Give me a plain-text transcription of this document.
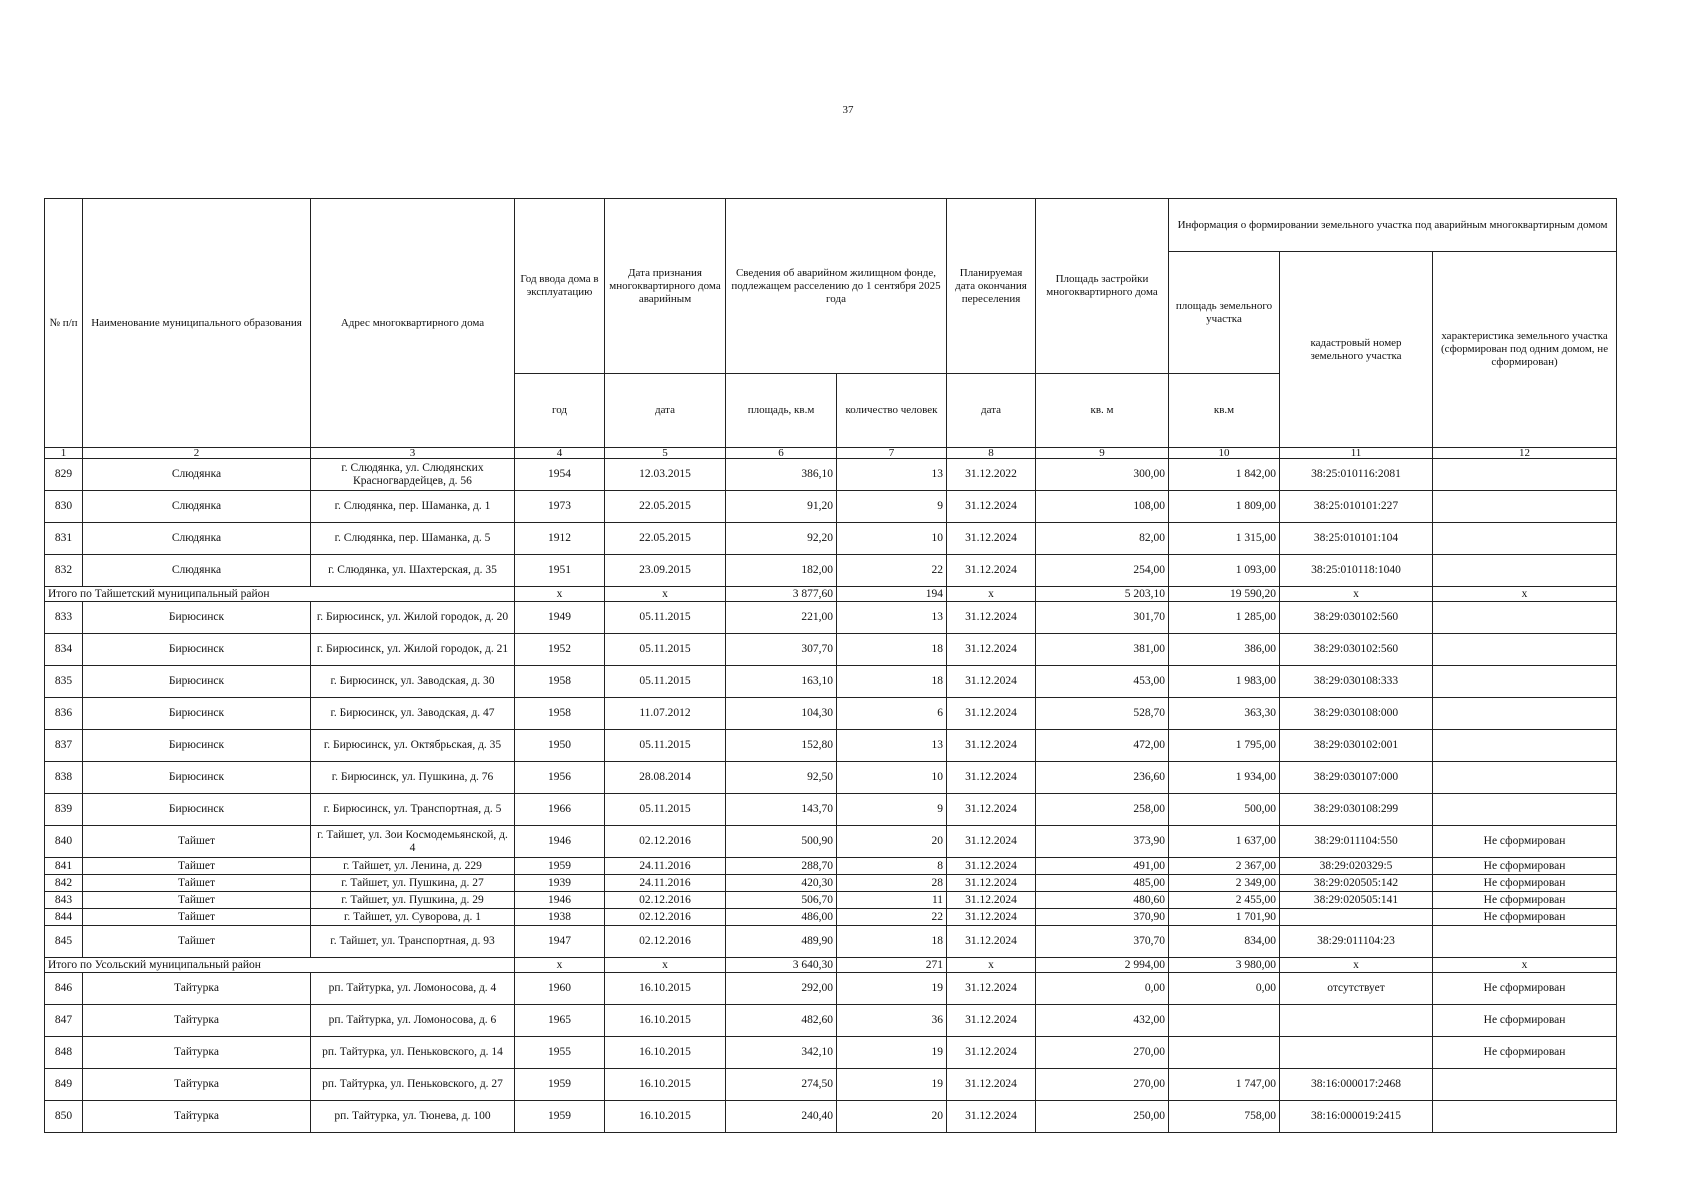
37
№ п/п	Наименование муниципального образования	Адрес многоквартирного дома	Год ввода дома в эксплуатацию	Дата признания многоквартирного дома аварийным	Сведения об аварийном жилищном фонде, подлежащем расселению до 1 сентября 2025 года		Планируемая дата окончания переселения	Площадь застройки многоквартирного дома	Информация о формировании земельного участка под аварийным многоквартирным домом		
									площадь земельного участка	кадастровый номер земельного участка	характеристика земельного участка (сформирован под одним домом, не сформирован)
			год	дата	площадь, кв.м	количество человек	дата	кв. м	кв.м		
1	2	3	4	5	6	7	8	9	10	11	12
829	Слюдянка	г. Слюдянка, ул. Слюдянских Красногвардейцев, д. 56	1954	12.03.2015	386,10	13	31.12.2022	300,00	1 842,00	38:25:010116:2081	
830	Слюдянка	г. Слюдянка, пер. Шаманка, д. 1	1973	22.05.2015	91,20	9	31.12.2024	108,00	1 809,00	38:25:010101:227	
831	Слюдянка	г. Слюдянка, пер. Шаманка, д. 5	1912	22.05.2015	92,20	10	31.12.2024	82,00	1 315,00	38:25:010101:104	
832	Слюдянка	г. Слюдянка, ул. Шахтерская, д. 35	1951	23.09.2015	182,00	22	31.12.2024	254,00	1 093,00	38:25:010118:1040	
Итого по Тайшетский муниципальный район			x	x	3 877,60	194	x	5 203,10	19 590,20	x	x
833	Бирюсинск	г. Бирюсинск, ул. Жилой городок, д. 20	1949	05.11.2015	221,00	13	31.12.2024	301,70	1 285,00	38:29:030102:560	
834	Бирюсинск	г. Бирюсинск, ул. Жилой городок, д. 21	1952	05.11.2015	307,70	18	31.12.2024	381,00	386,00	38:29:030102:560	
835	Бирюсинск	г. Бирюсинск, ул. Заводская, д. 30	1958	05.11.2015	163,10	18	31.12.2024	453,00	1 983,00	38:29:030108:333	
836	Бирюсинск	г. Бирюсинск, ул. Заводская, д. 47	1958	11.07.2012	104,30	6	31.12.2024	528,70	363,30	38:29:030108:000	
837	Бирюсинск	г. Бирюсинск, ул. Октябрьская, д. 35	1950	05.11.2015	152,80	13	31.12.2024	472,00	1 795,00	38:29:030102:001	
838	Бирюсинск	г. Бирюсинск, ул. Пушкина, д. 76	1956	28.08.2014	92,50	10	31.12.2024	236,60	1 934,00	38:29:030107:000	
839	Бирюсинск	г. Бирюсинск, ул. Транспортная, д. 5	1966	05.11.2015	143,70	9	31.12.2024	258,00	500,00	38:29:030108:299	
840	Тайшет	г. Тайшет, ул. Зои Космодемьянской, д. 4	1946	02.12.2016	500,90	20	31.12.2024	373,90	1 637,00	38:29:011104:550	Не сформирован
841	Тайшет	г. Тайшет, ул. Ленина, д. 229	1959	24.11.2016	288,70	8	31.12.2024	491,00	2 367,00	38:29:020329:5	Не сформирован
842	Тайшет	г. Тайшет, ул. Пушкина, д. 27	1939	24.11.2016	420,30	28	31.12.2024	485,00	2 349,00	38:29:020505:142	Не сформирован
843	Тайшет	г. Тайшет, ул. Пушкина, д. 29	1946	02.12.2016	506,70	11	31.12.2024	480,60	2 455,00	38:29:020505:141	Не сформирован
844	Тайшет	г. Тайшет, ул. Суворова, д. 1	1938	02.12.2016	486,00	22	31.12.2024	370,90	1 701,90		Не сформирован
845	Тайшет	г. Тайшет, ул. Транспортная, д. 93	1947	02.12.2016	489,90	18	31.12.2024	370,70	834,00	38:29:011104:23	
Итого по Усольский муниципальный район			x	x	3 640,30	271	x	2 994,00	3 980,00	x	x
846	Тайтурка	рп. Тайтурка, ул. Ломоносова, д. 4	1960	16.10.2015	292,00	19	31.12.2024	0,00	0,00	отсутствует	Не сформирован
847	Тайтурка	рп. Тайтурка, ул. Ломоносова, д. 6	1965	16.10.2015	482,60	36	31.12.2024	432,00			Не сформирован
848	Тайтурка	рп. Тайтурка, ул. Пеньковского, д. 14	1955	16.10.2015	342,10	19	31.12.2024	270,00			Не сформирован
849	Тайтурка	рп. Тайтурка, ул. Пеньковского, д. 27	1959	16.10.2015	274,50	19	31.12.2024	270,00	1 747,00	38:16:000017:2468	
850	Тайтурка	рп. Тайтурка, ул. Тюнева, д. 100	1959	16.10.2015	240,40	20	31.12.2024	250,00	758,00	38:16:000019:2415	
